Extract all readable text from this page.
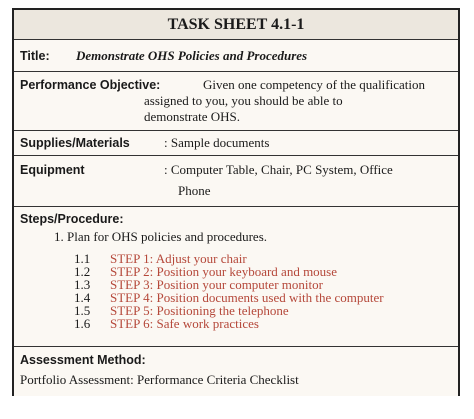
TASK SHEET 4.1-1
Title: Demonstrate OHS Policies and Procedures
Performance Objective:	Given one competency of the qualification
assigned to you, you should be able to
demonstrate OHS.
Supplies/Materials	: Sample documents
Equipment	: Computer Table, Chair, PC System, Office
Phone
Steps/Procedure:
1. Plan for OHS policies and procedures.
1.1 STEP 1: Adjust your chair
1.2 STEP 2: Position your keyboard and mouse
1.3 STEP 3: Position your computer monitor
1.4 STEP 4: Position documents used with the computer
1.5 STEP 5: Positioning the telephone
1.6 STEP 6: Safe work practices
Assessment Method:
Portfolio Assessment: Performance Criteria Checklist
